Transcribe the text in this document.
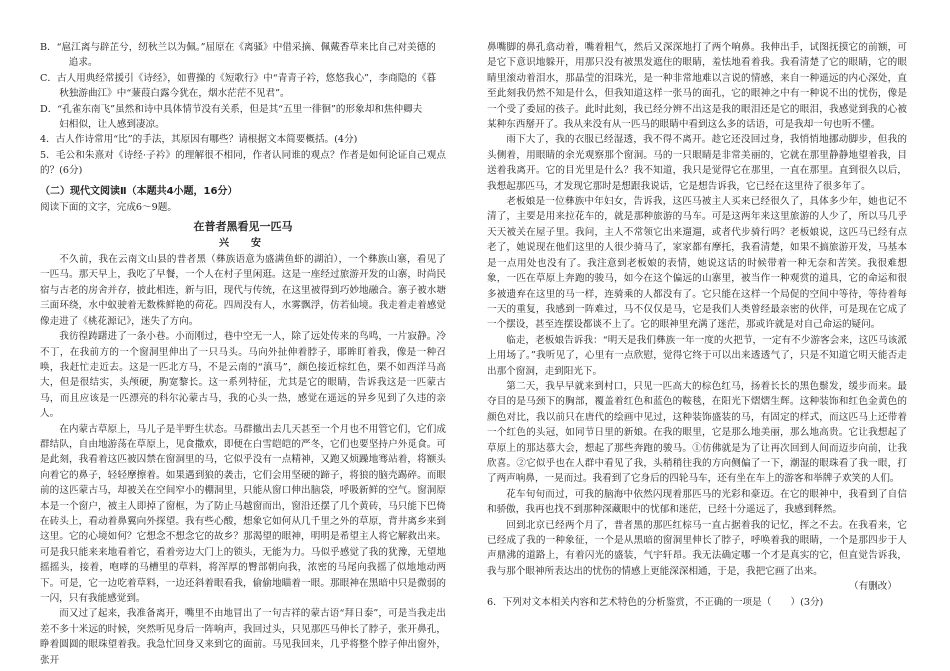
B．“扈江离与辟芷兮，纫秋兰以为佩。”屈原在《离骚》中借采摘、佩戴香草来比自己对美德的

追求。

C．古人用典经常援引《诗经》，如曹操的《短歌行》中“青青子衿，悠悠我心”，李商隐的《暮

秋独游曲江》中“蒹葭白露今犹在，烟水茫茫不见君”。

D．“孔雀东南飞”虽然和诗中具体情节没有关系，但是其“五里一徘徊”的形象却和焦仲卿夫

妇相似，让人感到凄凉。

4．古人作诗常用“比”的手法，其原因有哪些？请根据文本简要概括。(4分)

5．毛公和朱熹对《诗经·子衿》的理解很不相同，作者认同谁的观点？作者是如何论证自己观点的？(6分)

（二）现代文阅读Ⅱ（本题共4小题，16分）

阅读下面的文字，完成6～9题。

在普者黑看见一匹马

兴　安

不久前，我在云南文山县的普者黑（彝族语意为盛满鱼虾的湖泊），一个彝族山寨，看见了一匹马。那天早上，我吃了早餐，一个人在村子里闲逛。这是一座经过旅游开发的山寨，时尚民宿与古老的房舍并存，披此相连，新与旧，现代与传统，在这里被得到巧妙地融合。寨子被水塘三面环绕，水中蚁驶着无数株鲜艳的荷花。四周没有人，水雾飘浮，仿若仙境。我走着走着感觉像走进了《桃花源记》，迷失了方向。

我彷徨踌躇进了一条小巷。小而刚过，巷中空无一人，除了远处传来的鸟鸣，一片寂静。冷不丁，在我前方的一个窗洞里伸出了一只马头。马向外扯伸着脖子，耶眸盯着我，像是一种召唤，我赶忙走近去。这是一匹北方马，不是云南的“滇马”，颜色接近棕红色，栗不如西洋马高大，但是很结实，头颅硬，朐宽黎长。这一系列特征，尤其是它的眼睛，告诉我这是一匹蒙古马，而且应该是一匹漂亮的科尔沁蒙古马，我的心头一热，感觉在遥远的异乡见到了久违的亲人。

在内蒙古草原上，马儿子是半野生状态。马群撤出去几天甚至一个月也不用管它们，它们成群结队，自由地游荡在草原上，见食撒欢，即便在白雪皑皑的严冬，它们也要坚持户外觅食。可是此刻，我看着这匹被囚禁在窗洞里的马，它似乎没有一点精神，又跑又烦躁地骞站着，将额头向着它的鼻子，轻轻摩擦着。如果遇到狼的袭击，它们会用坚硬的蹄子，将狼的脑壳踢碎。而眼前的这匹蒙古马，却被关在空间窄小的棚洞里，只能从窗口伸出脑袋，呼吸新鲜的空气。窗洞原本是一个窗户，被主人即掉了窗框，为了防止马越窗而出，窗沿还摆了几个黄砖，马只能下巴倚在砖头上，看动着鼻翼向外探望。我有些心酸，想象它如何从几千里之外的草原，背井离乡来到这里。它的心境如何？它想念不想念它的故乡？那渴望的眼神，明明是希望主人将它解救出来。可是我只能来来地看着它，看着旁边大门上的锁头，无能为力。马似乎感觉了我的犹豫，无望地摇摇头，接着，咆哮的马槽里的草料，将浑厚的臀部朝向我，浓密的马尾向我摇了似地地动两下。可是，它一边吃着草料，一边还斜着眼看我，偷偷地瞄着一眼。那眼神在黑暗中只是微弱的一闪，只有我能感觉到。

而又过了起来，我准备离开，嘴里不由地冒出了一句吉祥的蒙古语“拜日泰”，可是当我走出差不多十米远的时候，突然听见身后一阵响声，我回过头，只见那匹马伸长了脖子，张开鼻孔，睁着圆圆的眼珠望着我。我急忙回身又来到它的面前。马见我回来，几乎将整个脖子伸出窗外，张开

鼻嘴脚的鼻孔翕动着，嘴着粗气，然后又深深地打了两个响鼻。我伸出手，试图抚摸它的前额，可是它下意识地躲开，用那只没有被黑发遮住的眼睛，羞怯地看着我。我看清楚了它的眼睛，它的眼睛里滚动着泪水，那晶莹的泪珠光，是一种非常地难以言说的情感，来自一种遥远的内心深处，直至此刻我仍然不知是什么，但我知道这样一张马的面孔，它的眼神之中有一种说不出的忧伤，像是一个受了委屈的孩子。此时此刻，我已经分辨不出这是我的眼泪还是它的眼泪，我感觉到我的心被某种东西掰开了。我从来没有从一匹马的眼睛中看到这么多的话语，可是我却一句也听不懂。

雨下大了，我的衣服已经湿透，我不得不离开。趁它还没回过身，我悄悄地挪动脚步，但我的头侧着，用眼睛的余光观察那个窗洞。马的一只眼睛是非常美丽的，它就在那里静静地望着我，目送着我离开。它的目光里是什么？我不知道，我只是觉得它在那里，一直在那里。直到很久以后，我想起那匹马，才发现它那时是想跟我说话，它是想告诉我，它已经在这里待了很多年了。

老板娘是一位彝族中年妇女，告诉我，这匹马被主人买来已经很久了，具体多少年，她也记不清了，主要是用来拉花车的，就是那种旅游的马车。可是这两年来这里旅游的人少了，所以马几乎天天被关在屋子里。我问，主人不常领它出来遛遛，或者代步骑行吗？老板娘说，这匹马已经有点老了，她说现在他们这里的人很少骑马了，家家都有摩托，我看清楚，如果不搞旅游开发，马基本是一点用处也没有了。我注意到老板娘的表情，她说这话的时候带着一种无奈和苦笑。我很难想象，一匹在草原上奔跑的骏马，如今在这个偏远的山寨里，被当作一种观赏的道具，它的命运和很多被遗弃在这里的马一样，连骑乘的人都没有了。它只能在这样一个局促的空间中等待，等待着每一天的重复，我感到一阵难过，马不仅仅是马，它是我们人类曾经最亲密的伙伴，可是现在它成了一个摆设，甚至连摆设都谈不上了。它的眼神里充满了迷茫，那或许就是对自己命运的疑问。

临走，老板娘告诉我：“明天是我们彝族一年一度的火把节，一定有不少游客会来，这匹马该派上用场了。”我听见了，心里有一点欣慰，觉得它终于可以出来透透气了，只是不知道它明天能否走出那个窗洞，走到阳光下。

第二天，我早早就来到村口，只见一匹高大的棕色红马，扬着长长的黑色鬃发，缓步而来。最夺目的是马颈下的胸部，覆盖着红色和蓝色的鞍毯，在阳光下熠熠生辉。这种装饰和红色金黄色的颜色对比，我以前只在唐代的绘画中见过，这种装饰盛装的马，有固定的样式，而这匹马上还带着一个红色的头冠，如同节日里的新娘。在我的眼里，它是那么地美丽，那么地高贵。它让我想起了草原上的那达慕大会，想起了那些奔跑的骏马。①仿佛就是为了让再次回到人间而迈步向前，让我欣喜。②它似乎也在人群中看见了我，头稍稍往我的方向侧偏了一下，潮湿的眼珠看了我一眼，打了两声响鼻，一晃而过。我看到了它身后的四轮马车，还有坐在车上的游客和举牌子欢笑的人们。

花车旬旬而过，可我的脑海中依然闪现着那匹马的光彩和豪迈。在它的眼神中，我看到了自信和骄傲，我再也找不到那种深藏眼中的忧郁和迷茫，已经十分遥远了，我感到释然。

回到北京已经两个月了，普者黑的那匹红棕马一直占据着我的记忆，挥之不去。在我看来，它已经成了我的一种象征，一个是从黑暗的窗洞里伸长了脖子，呼唤着我的眼睛，一个是那四步于人声鼎沸的道路上，有着闪光的盛装，气宇轩昂。我无法确定哪一个才是真实的它，但直觉告诉我，我与那个眼神所表达出的忧伤的情感上更能深深相通，于是，我把它画了出来。

（有删改）

6．下列对文本相关内容和艺术特色的分析鉴赏，不正确的一项是（　　）(3分)
